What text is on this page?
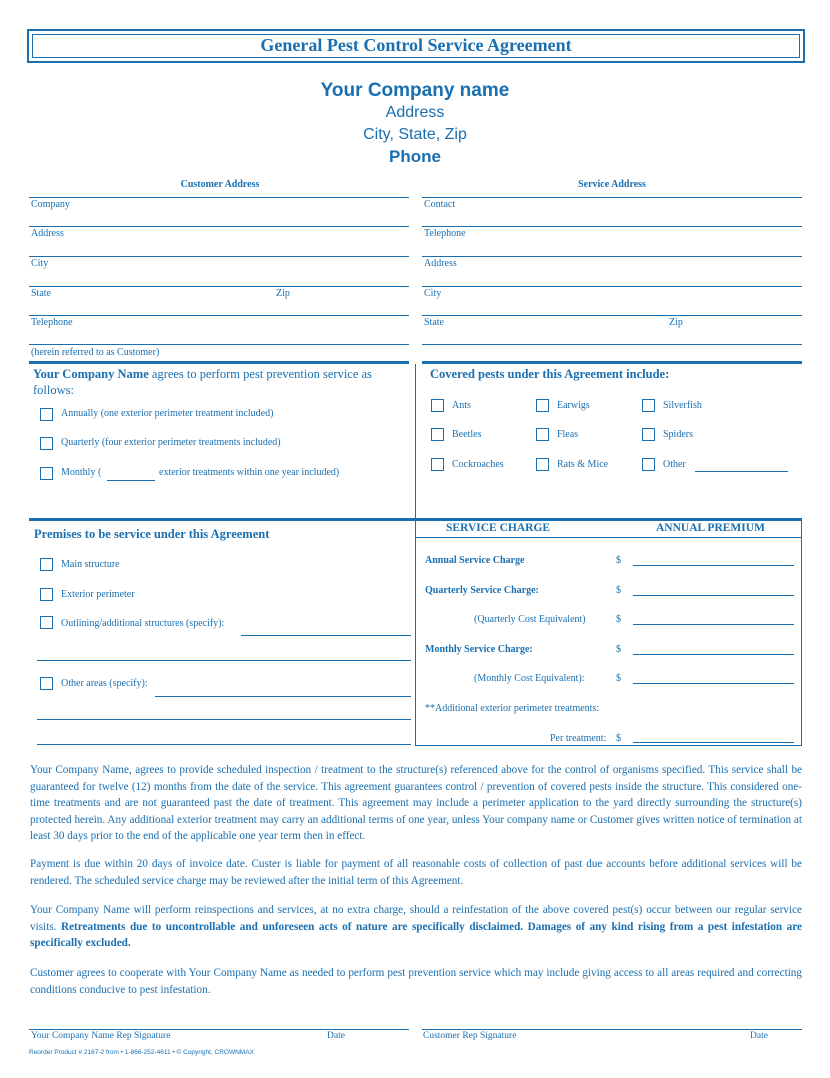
General Pest Control Service Agreement
Your Company name
Address
City, State, Zip
Phone
Customer Address
Company
Address
City
State	Zip
Telephone
(herein referred to as Customer)
Service Address
Contact
Telephone
Address
City
State	Zip
Your Company Name agrees to perform pest prevention service as follows:
Annually (one exterior perimeter treatment included)
Quarterly (four exterior perimeter treatments included)
Monthly (	exterior treatments within one year included)
Covered pests under this Agreement include:
Ants	Earwigs	Silverfish
Beetles	Fleas	Spiders
Cockroaches	Rats & Mice	Other
Premises to be service under this Agreement
Main structure
Exterior perimeter
Outlining/additional structures (specify):
Other areas (specify):
SERVICE CHARGE	ANNUAL PREMIUM
Annual Service Charge	$
Quarterly Service Charge:	$
(Quarterly Cost Equivalent)	$
Monthly Service Charge:	$
(Monthly Cost Equivalent):	$
**Additional exterior perimeter treatments:
Per treatment: $
Your Company Name, agrees to provide scheduled inspection / treatment to the structure(s) referenced above for the control of organisms specified. This service shall be guaranteed for twelve (12) months from the date of the service. This agreement guarantees control / prevention of covered pests inside the structure. This considered one-time treatments and are not guaranteed past the date of treatment. This agreement may include a perimeter application to the yard directly surrounding the structure(s) protected herein. Any additional exterior treatment may carry an additional terms of one year, unless Your company name or Customer gives written notice of termination at least 30 days prior to the end of the applicable one year term then in effect.
Payment is due within 20 days of invoice date. Custer is liable for payment of all reasonable costs of collection of past due accounts before additional services will be rendered. The scheduled service charge may be reviewed after the initial term of this Agreement.
Your Company Name will perform reinspections and services, at no extra charge, should a reinfestation of the above covered pest(s) occur between our regular service visits. Retreatments due to uncontrollable and unforeseen acts of nature are specifically disclaimed. Damages of any kind rising from a pest infestation are specifically excluded.
Customer agrees to cooperate with Your Company Name as needed to perform pest prevention service which may include giving access to all areas required and correcting conditions conducive to pest infestation.
Your Company Name Rep Signature	Date	Customer Rep Signature	Date
Reorder Product # 2167-2 from • 1-866-252-4611 • © Copyright, CROWNMAX
